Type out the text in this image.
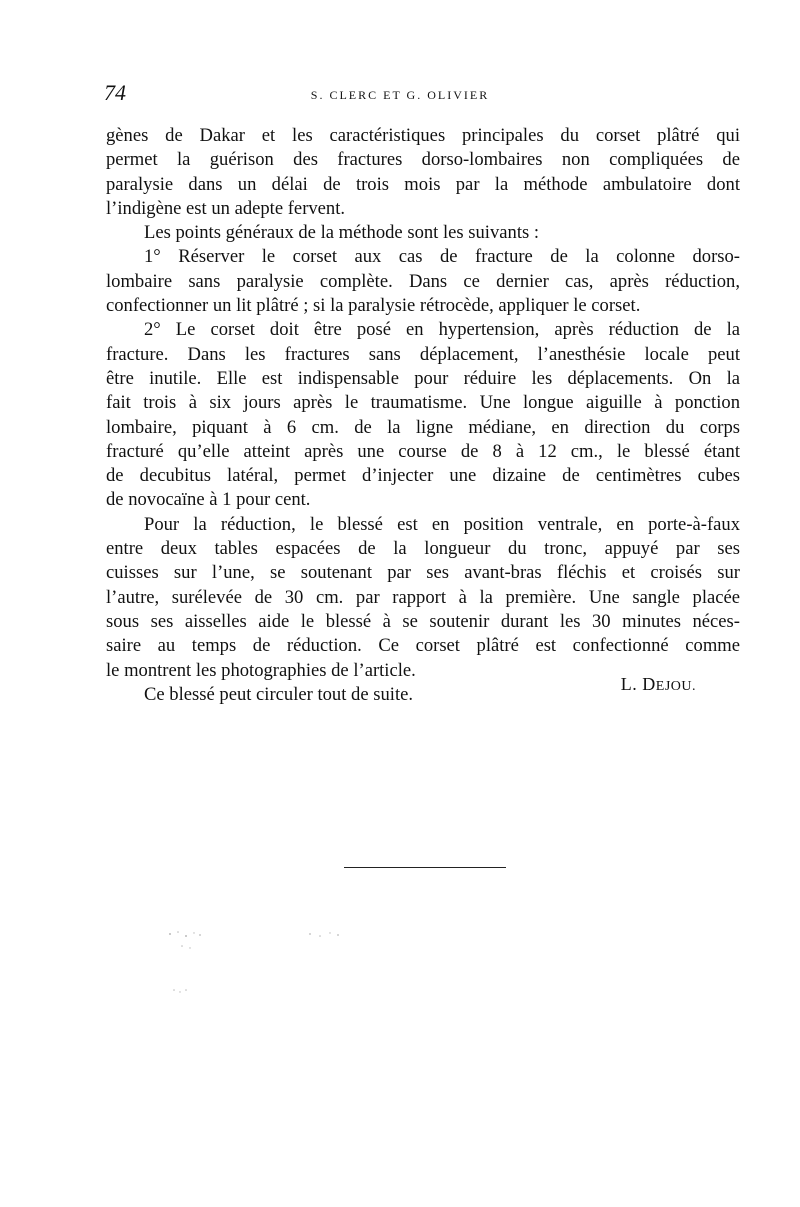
74	S. CLERC ET G. OLIVIER
gènes de Dakar et les caractéristiques principales du corset plâtré qui
permet la guérison des fractures dorso-lombaires non compliquées de
paralysie dans un délai de trois mois par la méthode ambulatoire dont
l’indigène est un adepte fervent.
Les points généraux de la méthode sont les suivants :
1° Réserver le corset aux cas de fracture de la colonne dorso-
lombaire sans paralysie complète. Dans ce dernier cas, après réduction,
confectionner un lit plâtré ; si la paralysie rétrocède, appliquer le corset.
2° Le corset doit être posé en hypertension, après réduction de la
fracture. Dans les fractures sans déplacement, l’anesthésie locale peut
être inutile. Elle est indispensable pour réduire les déplacements. On la
fait trois à six jours après le traumatisme. Une longue aiguille à ponction
lombaire, piquant à 6 cm. de la ligne médiane, en direction du corps
fracturé qu’elle atteint après une course de 8 à 12 cm., le blessé étant
de decubitus latéral, permet d’injecter une dizaine de centimètres cubes
de novocaïne à 1 pour cent.
Pour la réduction, le blessé est en position ventrale, en porte-à-faux
entre deux tables espacées de la longueur du tronc, appuyé par ses
cuisses sur l’une, se soutenant par ses avant-bras fléchis et croisés sur
l’autre, surélevée de 30 cm. par rapport à la première. Une sangle placée
sous ses aisselles aide le blessé à se soutenir durant les 30 minutes néces-
saire au temps de réduction. Ce corset plâtré est confectionné comme
le montrent les photographies de l’article.
Ce blessé peut circuler tout de suite.	L. DEJOU.
